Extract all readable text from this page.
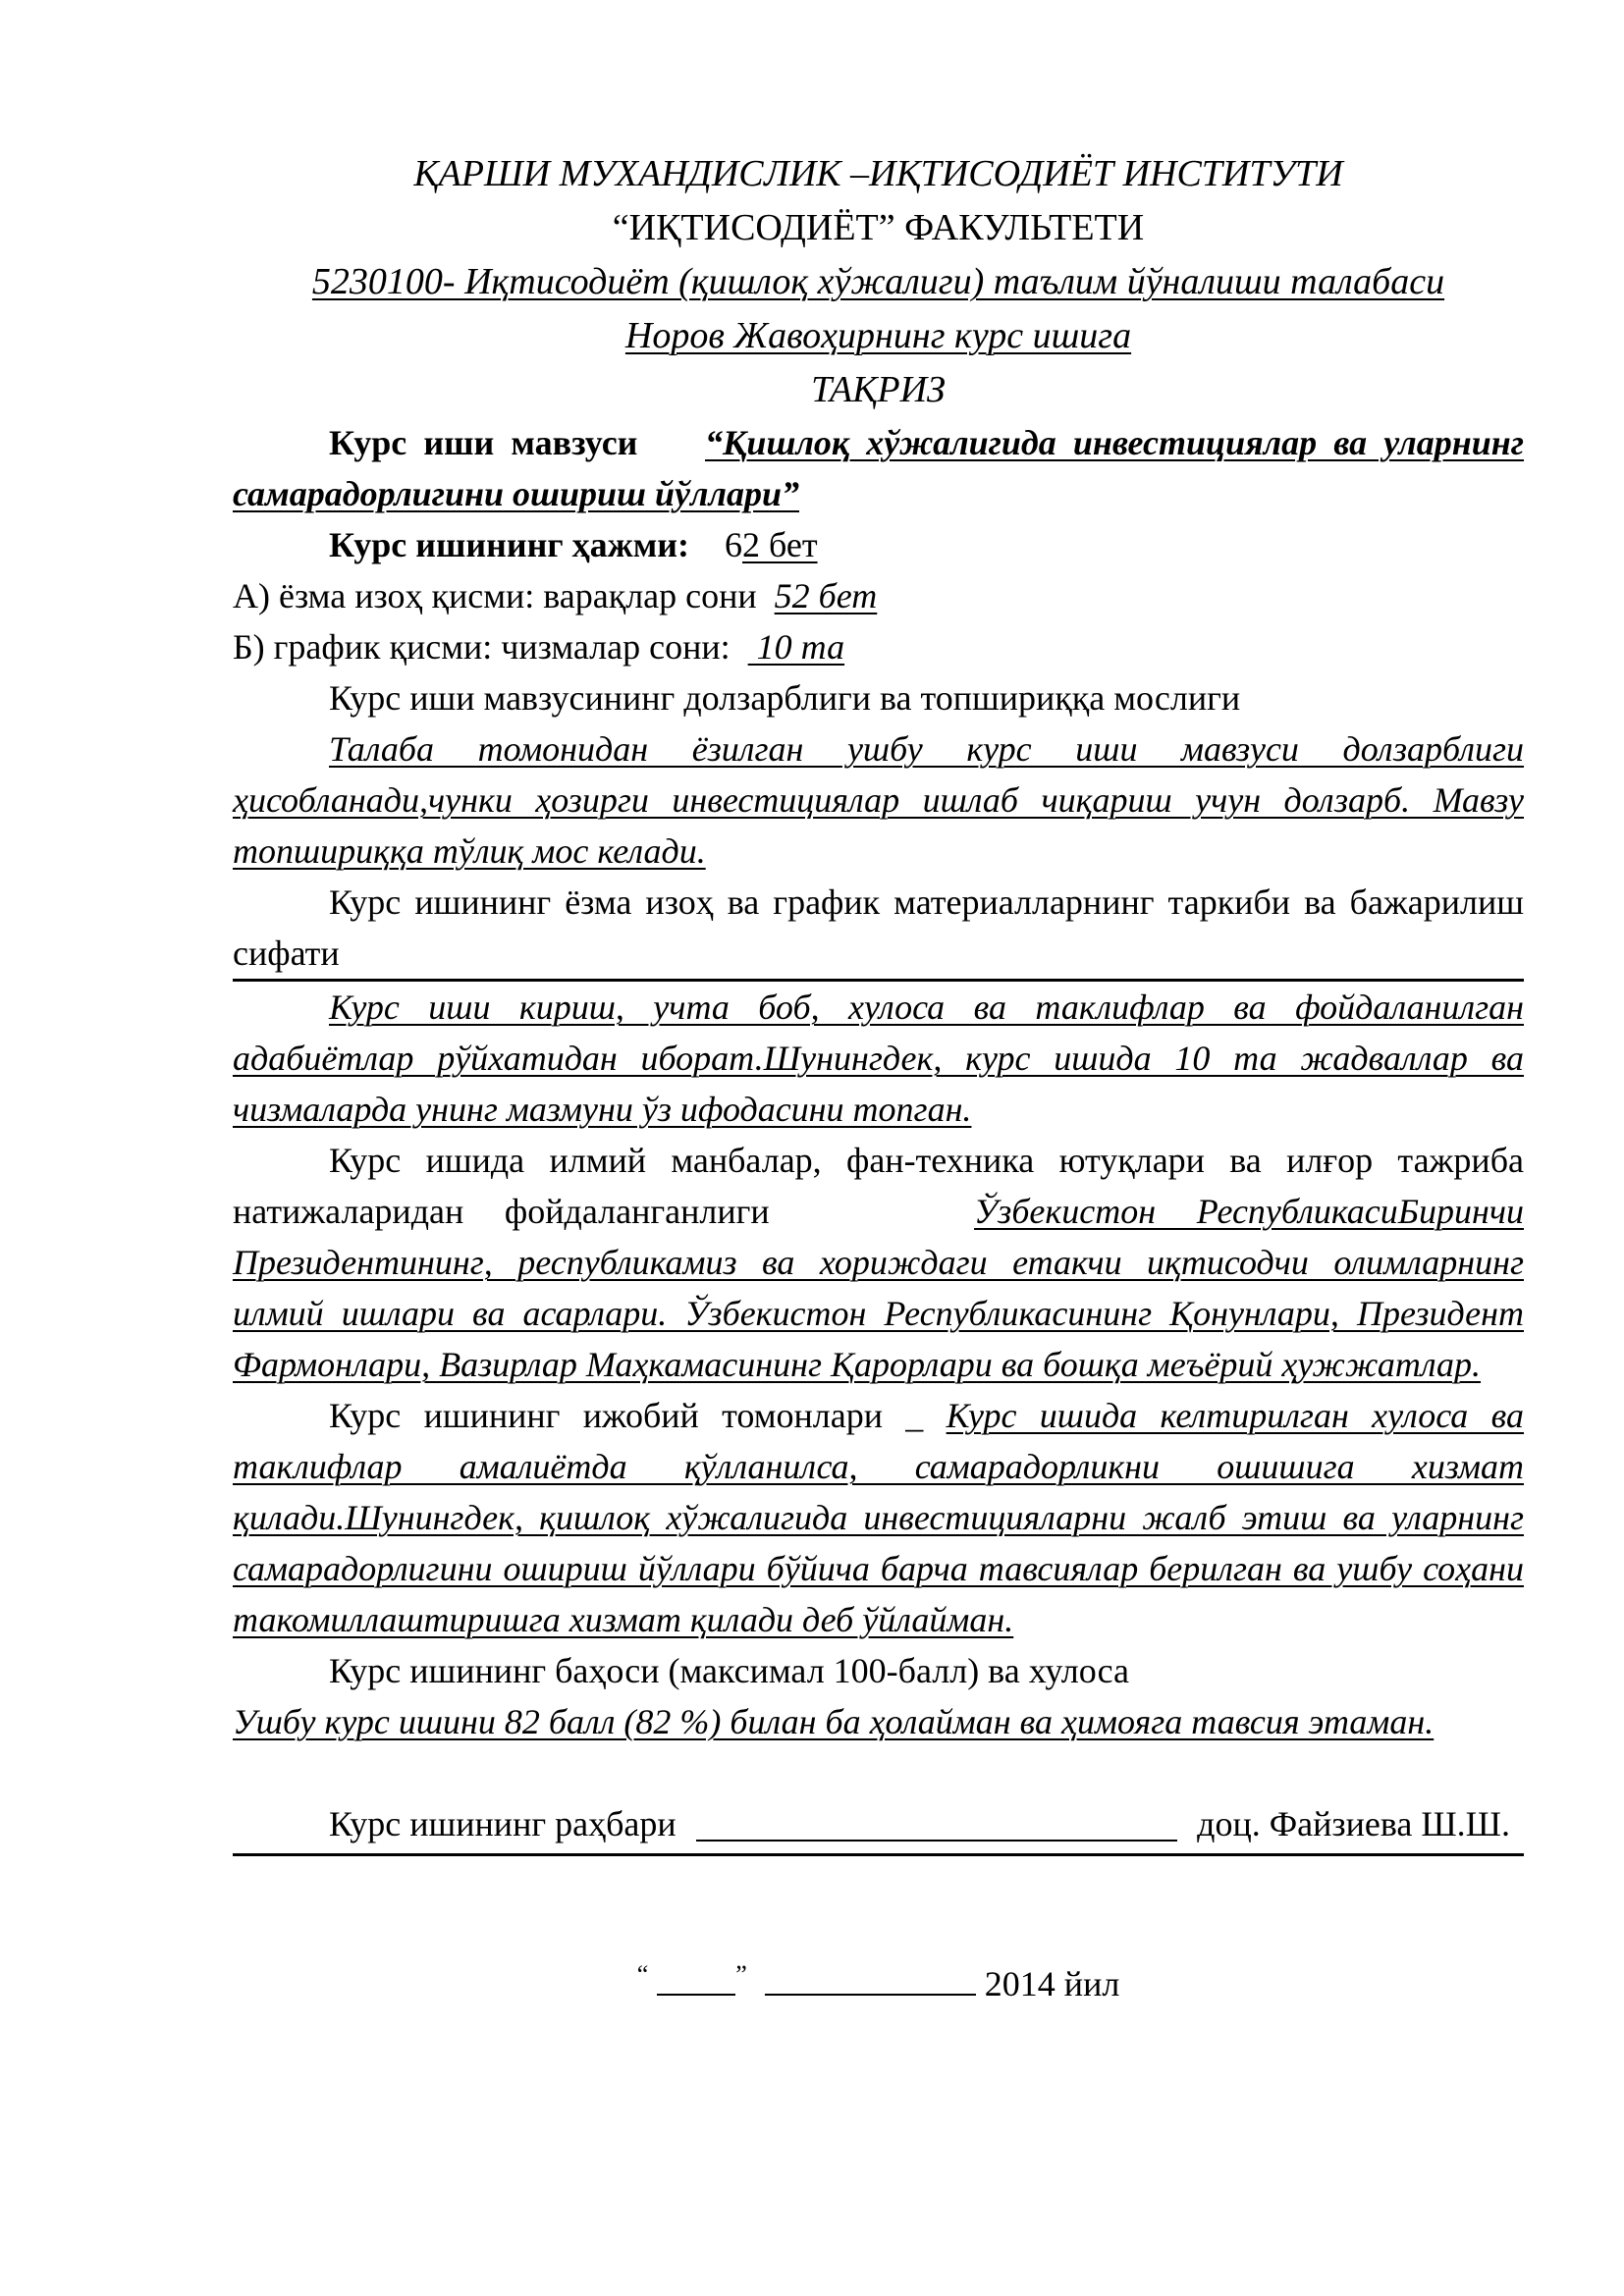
ҚАРШИ МУХАНДИСЛИК –ИҚТИСОДИЁТ ИНСТИТУТИ

“ИҚТИСОДИЁТ” ФАКУЛЬТЕТИ

5230100- Иқтисодиёт (қишлоқ хўжалиги) таълим йўналиши талабаси

Норов Жавоҳирнинг курс ишига

ТАҚРИЗ

Курс иши мавзуси “Қишлоқ хўжалигида инвестициялар ва уларнинг самарадорлигини ошириш йўллари”

Курс ишининг ҳажми: 62 бет

А) ёзма изоҳ қисми: варақлар сони 52 бет

Б) график қисми: чизмалар сони:   10 та

Курс иши мавзусининг долзарблиги ва топшириққа мослиги

Талаба томонидан ёзилган ушбу курс иши мавзуси долзарблиги ҳисобланади,чунки ҳозирги инвестициялар ишлаб чиқариш учун долзарб. Мавзу топшириққа тўлиқ мос келади.

Курс ишининг ёзма изоҳ ва график материалларнинг таркиби ва бажарилиш сифати

Курс иши кириш, учта боб, хулоса ва таклифлар ва фойдаланилган адабиётлар рўйхатидан иборат.Шунингдек, курс ишида 10 та жадваллар ва чизмаларда унинг мазмуни ўз ифодасини топган.

Курс ишида илмий манбалар, фан-техника ютуқлари ва илғор тажриба натижаларидан фойдаланганлиги	Ўзбекистон РеспубликасиБиринчи Президентининг, республикамиз ва хориждаги етакчи иқтисодчи олимларнинг илмий ишлари ва асарлари. Ўзбекистон Республикасининг Қонунлари, Президент Фармонлари, Вазирлар Маҳкамасининг Қарорлари ва бошқа меъёрий ҳужжатлар.

Курс ишининг ижобий томонлари _ Курс ишида келтирилган хулоса ва таклифлар амалиётда қўлланилса, самарадорликни ошишига хизмат қилади.Шунингдек, қишлоқ хўжалигида инвестицияларни жалб этиш ва уларнинг самарадорлигини ошириш йўллари бўйича барча тавсиялар берилган ва ушбу соҳани такомиллаштиришга хизмат қилади деб ўйлайман.

Курс ишининг баҳоси (максимал 100-балл) ва хулоса

Ушбу курс ишини 82 балл (82 %) билан ба ҳолайман ва ҳимояга тавсия этаман.

Курс ишининг раҳбари	доц. Файзиева Ш.Ш.

“	”	2014 йил
